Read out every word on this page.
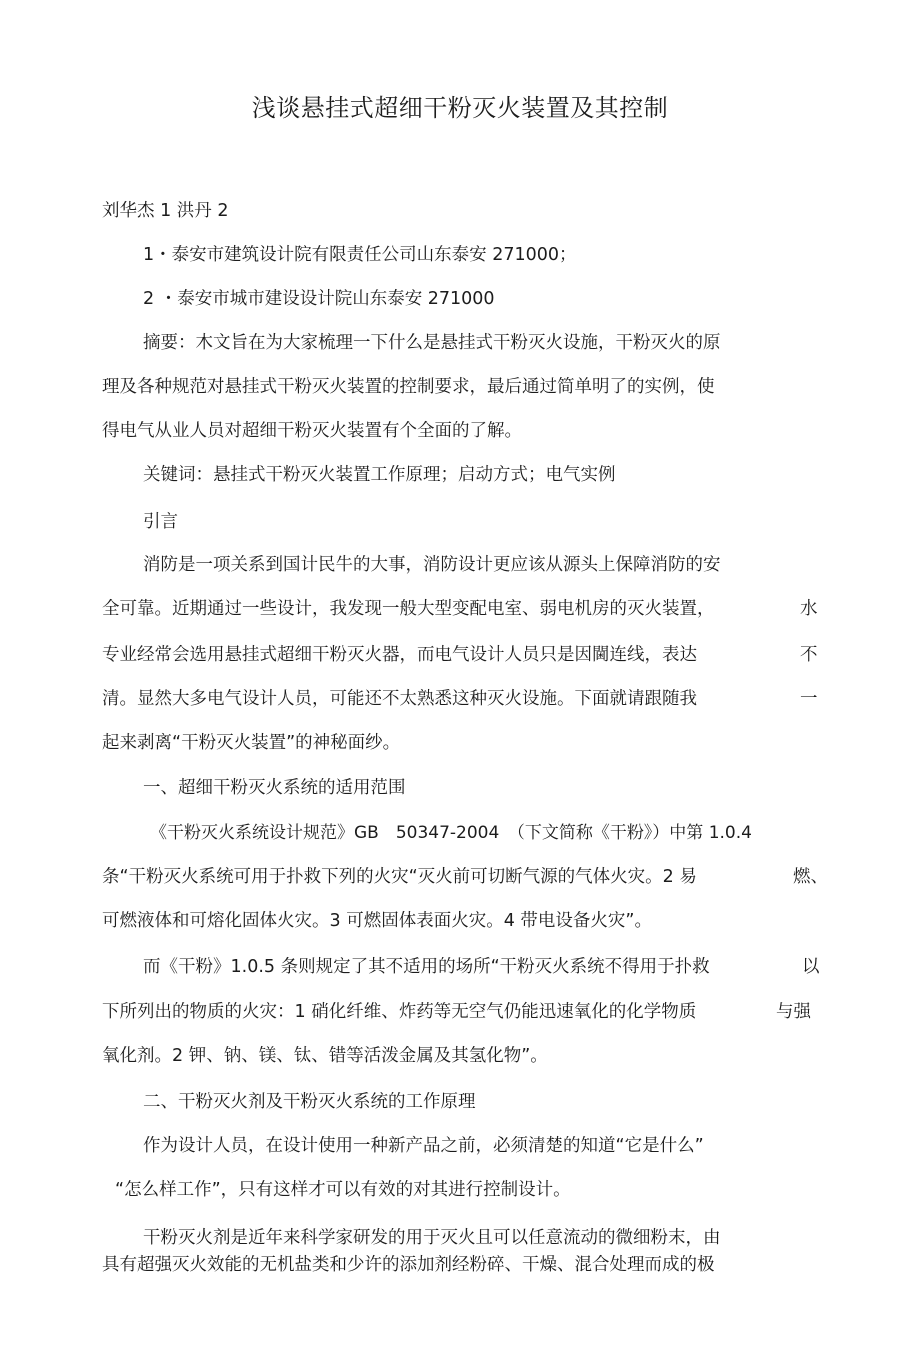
浅谈悬挂式超细干粉灭火装置及其控制
刘华杰 1 洪丹 2
1・泰安市建筑设计院有限责任公司山东泰安 271000；
2 ・泰安市城市建设设计院山东泰安 271000
摘要：木文旨在为大家梳理一下什么是悬挂式干粉灭火设施，干粉灭火的原
理及各种规范对悬挂式干粉灭火装置的控制要求，最后通过简单明了的实例，使
得电气从业人员对超细干粉灭火装置有个全面的了解。
关键词：悬挂式干粉灭火装置工作原理；启动方式；电气实例
引言
消防是一项关系到国计民牛的大事，消防设计更应该从源头上保障消防的安
全可靠。近期通过一些设计，我发现一般大型变配电室、弱电机房的灭火装置，	水
专业经常会选用悬挂式超细干粉灭火器，而电气设计人员只是因閫连线，表达	不
清。显然大多电气设计人员，可能还不太熟悉这种灭火设施。下面就请跟随我	一
起来剥离“干粉灭火装置”的神秘面纱。
一、超细干粉灭火系统的适用范围
《干粉灭火系统设计规范》GB　50347-2004　（下文简称《干粉》）中第 1.0.4
条“干粉灭火系统可用于扑救下列的火灾“灭火前可切断气源的气体火灾。2 易	燃、
可燃液体和可熔化固体火灾。3 可燃固体表面火灾。4 带电设备火灾”。
而《干粉》1.0.5 条则规定了其不适用的场所“干粉灭火系统不得用于扑救	以
下所列出的物质的火灾：1 硝化纤维、炸药等无空气仍能迅速氧化的化学物质	与强
氧化剂。2 钾、钠、镁、钛、错等活泼金属及其氢化物”。
二、干粉灭火剂及干粉灭火系统的工作原理
作为设计人员，在设计使用一种新产品之前，必须清楚的知道“它是什么”
“怎么样工作”，只有这样才可以有效的对其进行控制设计。
干粉灭火剂是近年来科学家研发的用于灭火且可以任意流动的微细粉末，由
具有超强灭火效能的无机盐类和少许的添加剂经粉碎、干燥、混合处理而成的极
